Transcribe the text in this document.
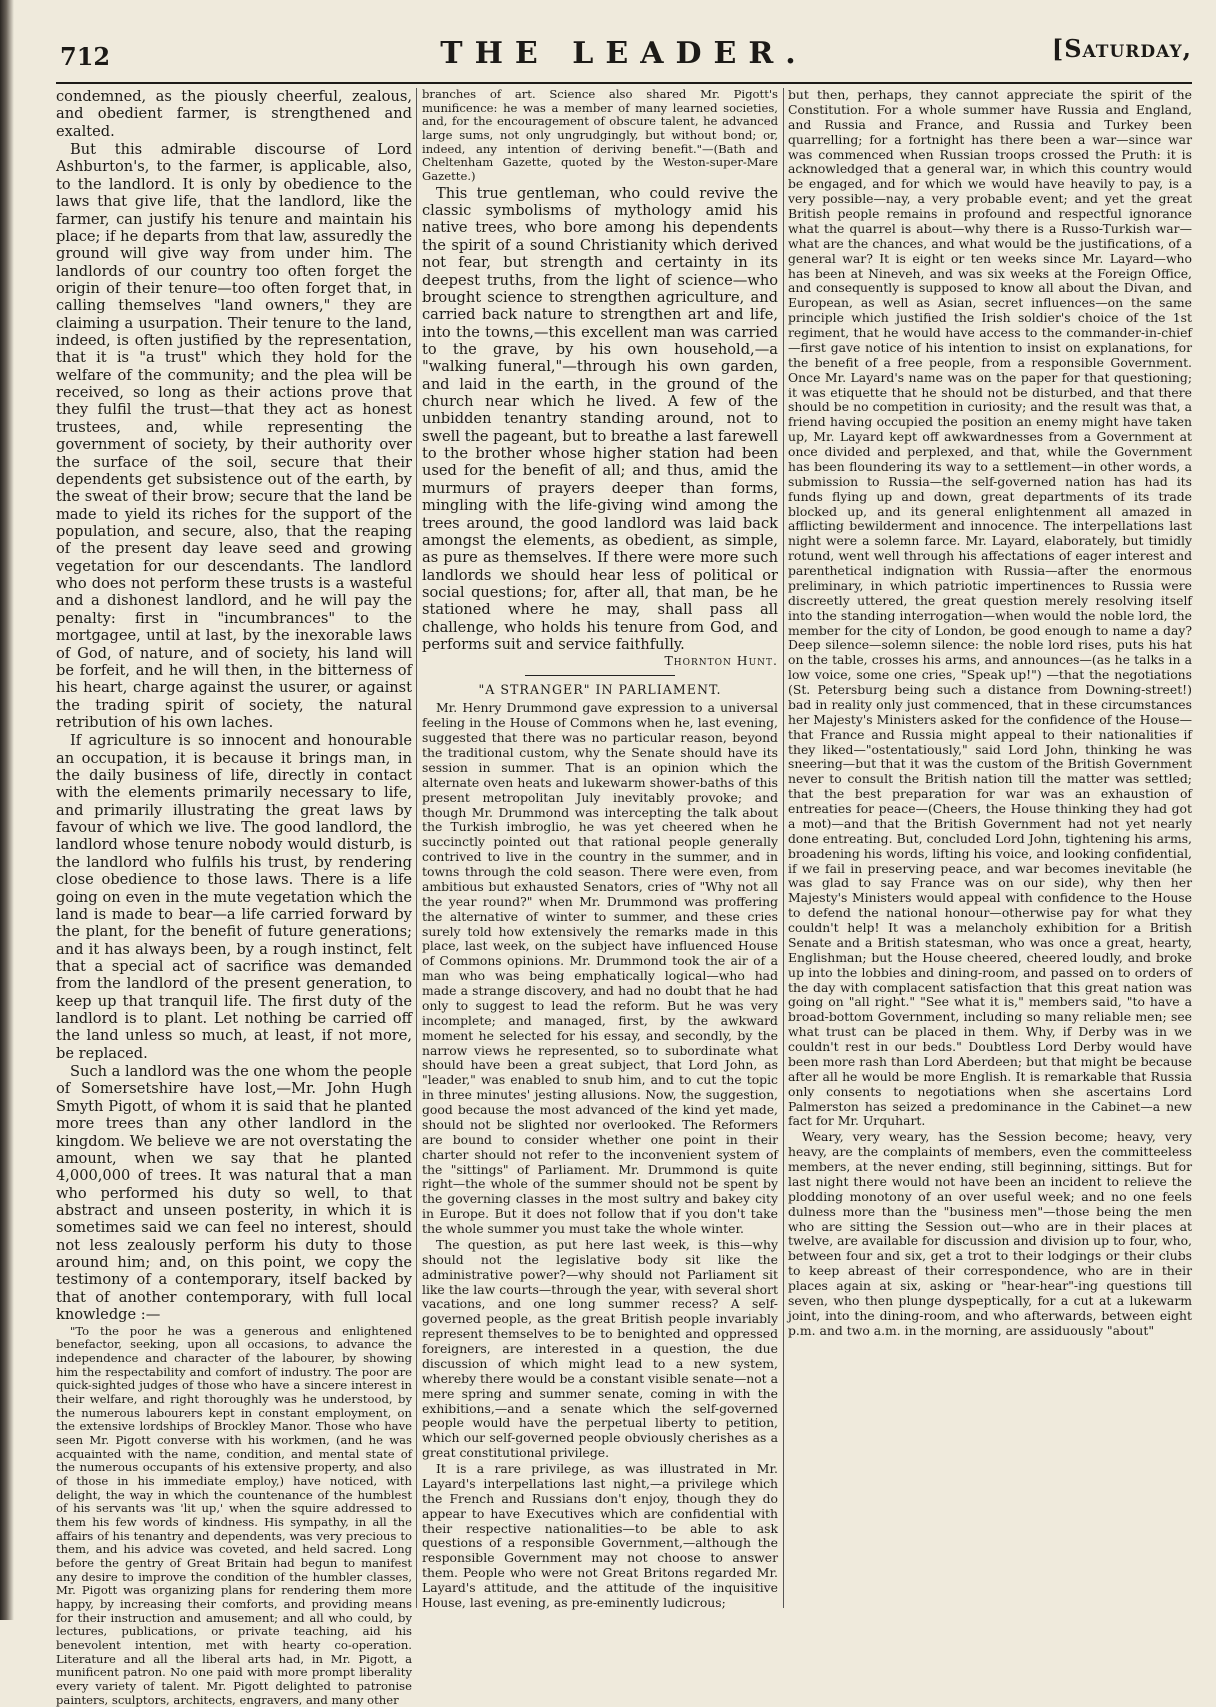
712	THE LEADER.	[Saturday,

condemned, as the piously cheerful, zealous, and obedient farmer, is strengthened and exalted.

But this admirable discourse of Lord Ashburton's, to the farmer, is applicable, also, to the landlord. It is only by obedience to the laws that give life, that the landlord, like the farmer, can justify his tenure and maintain his place; if he departs from that law, assuredly the ground will give way from under him. The landlords of our country too often forget the origin of their tenure—too often forget that, in calling themselves "land owners," they are claiming a usurpation. Their tenure to the land, indeed, is often justified by the representation, that it is "a trust" which they hold for the welfare of the community; and the plea will be received, so long as their actions prove that they fulfil the trust—that they act as honest trustees, and, while representing the government of society, by their authority over the surface of the soil, secure that their dependents get subsistence out of the earth, by the sweat of their brow; secure that the land be made to yield its riches for the support of the population, and secure, also, that the reaping of the present day leave seed and growing vegetation for our descendants. The landlord who does not perform these trusts is a wasteful and a dishonest landlord, and he will pay the penalty: first in "incumbrances" to the mortgagee, until at last, by the inexorable laws of God, of nature, and of society, his land will be forfeit, and he will then, in the bitterness of his heart, charge against the usurer, or against the trading spirit of society, the natural retribution of his own laches.

If agriculture is so innocent and honourable an occupation, it is because it brings man, in the daily business of life, directly in contact with the elements primarily necessary to life, and primarily illustrating the great laws by favour of which we live. The good landlord, the landlord whose tenure nobody would disturb, is the landlord who fulfils his trust, by rendering close obedience to those laws. There is a life going on even in the mute vegetation which the land is made to bear—a life carried forward by the plant, for the benefit of future generations; and it has always been, by a rough instinct, felt that a special act of sacrifice was demanded from the landlord of the present generation, to keep up that tranquil life. The first duty of the landlord is to plant. Let nothing be carried off the land unless so much, at least, if not more, be replaced.

Such a landlord was the one whom the people of Somersetshire have lost,—Mr. John Hugh Smyth Pigott, of whom it is said that he planted more trees than any other landlord in the kingdom. We believe we are not overstating the amount, when we say that he planted 4,000,000 of trees. It was natural that a man who performed his duty so well, to that abstract and unseen posterity, in which it is sometimes said we can feel no interest, should not less zealously perform his duty to those around him; and, on this point, we copy the testimony of a contemporary, itself backed by that of another contemporary, with full local knowledge :—

"To the poor he was a generous and enlightened benefactor, seeking, upon all occasions, to advance the independence and character of the labourer, by showing him the respectability and comfort of industry. The poor are quick-sighted judges of those who have a sincere interest in their welfare, and right thoroughly was he understood, by the numerous labourers kept in constant employment, on the extensive lordships of Brockley Manor. Those who have seen Mr. Pigott converse with his workmen, (and he was acquainted with the name, condition, and mental state of the numerous occupants of his extensive property, and also of those in his immediate employ,) have noticed, with delight, the way in which the countenance of the humblest of his servants was 'lit up,' when the squire addressed to them his few words of kindness. His sympathy, in all the affairs of his tenantry and dependents, was very precious to them, and his advice was coveted, and held sacred. Long before the gentry of Great Britain had begun to manifest any desire to improve the condition of the humbler classes, Mr. Pigott was organizing plans for rendering them more happy, by increasing their comforts, and providing means for their instruction and amusement; and all who could, by lectures, publications, or private teaching, aid his benevolent intention, met with hearty co-operation. Literature and all the liberal arts had, in Mr. Pigott, a munificent patron. No one paid with more prompt liberality every variety of talent. Mr. Pigott delighted to patronise painters, sculptors, architects, engravers, and many other

branches of art. Science also shared Mr. Pigott's munificence: he was a member of many learned societies, and, for the encouragement of obscure talent, he advanced large sums, not only ungrudgingly, but without bond; or, indeed, any intention of deriving benefit."—(Bath and Cheltenham Gazette, quoted by the Weston-super-Mare Gazette.)

This true gentleman, who could revive the classic symbolisms of mythology amid his native trees, who bore among his dependents the spirit of a sound Christianity which derived not fear, but strength and certainty in its deepest truths, from the light of science—who brought science to strengthen agriculture, and carried back nature to strengthen art and life, into the towns,—this excellent man was carried to the grave, by his own household,—a "walking funeral,"—through his own garden, and laid in the earth, in the ground of the church near which he lived. A few of the unbidden tenantry standing around, not to swell the pageant, but to breathe a last farewell to the brother whose higher station had been used for the benefit of all; and thus, amid the murmurs of prayers deeper than forms, mingling with the life-giving wind among the trees around, the good landlord was laid back amongst the elements, as obedient, as simple, as pure as themselves. If there were more such landlords we should hear less of political or social questions; for, after all, that man, be he stationed where he may, shall pass all challenge, who holds his tenure from God, and performs suit and service faithfully.

Thornton Hunt.
"A STRANGER" IN PARLIAMENT.

Mr. Henry Drummond gave expression to a universal feeling in the House of Commons when he, last evening, suggested that there was no particular reason, beyond the traditional custom, why the Senate should have its session in summer. That is an opinion which the alternate oven heats and lukewarm shower-baths of this present metropolitan July inevitably provoke; and though Mr. Drummond was intercepting the talk about the Turkish imbroglio, he was yet cheered when he succinctly pointed out that rational people generally contrived to live in the country in the summer, and in towns through the cold season. There were even, from ambitious but exhausted Senators, cries of "Why not all the year round?" when Mr. Drummond was proffering the alternative of winter to summer, and these cries surely told how extensively the remarks made in this place, last week, on the subject have influenced House of Commons opinions. Mr. Drummond took the air of a man who was being emphatically logical—who had made a strange discovery, and had no doubt that he had only to suggest to lead the reform. But he was very incomplete; and managed, first, by the awkward moment he selected for his essay, and secondly, by the narrow views he represented, so to subordinate what should have been a great subject, that Lord John, as "leader," was enabled to snub him, and to cut the topic in three minutes' jesting allusions. Now, the suggestion, good because the most advanced of the kind yet made, should not be slighted nor overlooked. The Reformers are bound to consider whether one point in their charter should not refer to the inconvenient system of the "sittings" of Parliament. Mr. Drummond is quite right—the whole of the summer should not be spent by the governing classes in the most sultry and bakey city in Europe. But it does not follow that if you don't take the whole summer you must take the whole winter.

The question, as put here last week, is this—why should not the legislative body sit like the administrative power?—why should not Parliament sit like the law courts—through the year, with several short vacations, and one long summer recess? A self-governed people, as the great British people invariably represent themselves to be to benighted and oppressed foreigners, are interested in a question, the due discussion of which might lead to a new system, whereby there would be a constant visible senate—not a mere spring and summer senate, coming in with the exhibitions,—and a senate which the self-governed people would have the perpetual liberty to petition, which our self-governed people obviously cherishes as a great constitutional privilege.

It is a rare privilege, as was illustrated in Mr. Layard's interpellations last night,—a privilege which the French and Russians don't enjoy, though they do appear to have Executives which are confidential with their respective nationalities—to be able to ask questions of a responsible Government,—although the responsible Government may not choose to answer them. People who were not Great Britons regarded Mr. Layard's attitude, and the attitude of the inquisitive House, last evening, as pre-eminently ludicrous;

but then, perhaps, they cannot appreciate the spirit of the Constitution. For a whole summer have Russia and England, and Russia and France, and Russia and Turkey been quarrelling; for a fortnight has there been a war—since war was commenced when Russian troops crossed the Pruth: it is acknowledged that a general war, in which this country would be engaged, and for which we would have heavily to pay, is a very possible—nay, a very probable event; and yet the great British people remains in profound and respectful ignorance what the quarrel is about—why there is a Russo-Turkish war—what are the chances, and what would be the justifications, of a general war? It is eight or ten weeks since Mr. Layard—who has been at Nineveh, and was six weeks at the Foreign Office, and consequently is supposed to know all about the Divan, and European, as well as Asian, secret influences—on the same principle which justified the Irish soldier's choice of the 1st regiment, that he would have access to the commander-in-chief—first gave notice of his intention to insist on explanations, for the benefit of a free people, from a responsible Government. Once Mr. Layard's name was on the paper for that questioning; it was etiquette that he should not be disturbed, and that there should be no competition in curiosity; and the result was that, a friend having occupied the position an enemy might have taken up, Mr. Layard kept off awkwardnesses from a Government at once divided and perplexed, and that, while the Government has been floundering its way to a settlement—in other words, a submission to Russia—the self-governed nation has had its funds flying up and down, great departments of its trade blocked up, and its general enlightenment all amazed in afflicting bewilderment and innocence. The interpellations last night were a solemn farce. Mr. Layard, elaborately, but timidly rotund, went well through his affectations of eager interest and parenthetical indignation with Russia—after the enormous preliminary, in which patriotic impertinences to Russia were discreetly uttered, the great question merely resolving itself into the standing interrogation—when would the noble lord, the member for the city of London, be good enough to name a day? Deep silence—solemn silence: the noble lord rises, puts his hat on the table, crosses his arms, and announces—(as he talks in a low voice, some one cries, "Speak up!") —that the negotiations (St. Petersburg being such a distance from Downing-street!) bad in reality only just commenced, that in these circumstances her Majesty's Ministers asked for the confidence of the House—that France and Russia might appeal to their nationalities if they liked—"ostentatiously," said Lord John, thinking he was sneering—but that it was the custom of the British Government never to consult the British nation till the matter was settled; that the best preparation for war was an exhaustion of entreaties for peace—(Cheers, the House thinking they had got a mot)—and that the British Government had not yet nearly done entreating. But, concluded Lord John, tightening his arms, broadening his words, lifting his voice, and looking confidential, if we fail in preserving peace, and war becomes inevitable (he was glad to say France was on our side), why then her Majesty's Ministers would appeal with confidence to the House to defend the national honour—otherwise pay for what they couldn't help! It was a melancholy exhibition for a British Senate and a British statesman, who was once a great, hearty, Englishman; but the House cheered, cheered loudly, and broke up into the lobbies and dining-room, and passed on to orders of the day with complacent satisfaction that this great nation was going on "all right." "See what it is," members said, "to have a broad-bottom Government, including so many reliable men; see what trust can be placed in them. Why, if Derby was in we couldn't rest in our beds." Doubtless Lord Derby would have been more rash than Lord Aberdeen; but that might be because after all he would be more English. It is remarkable that Russia only consents to negotiations when she ascertains Lord Palmerston has seized a predominance in the Cabinet—a new fact for Mr. Urquhart.

Weary, very weary, has the Session become; heavy, very heavy, are the complaints of members, even the committeeless members, at the never ending, still beginning, sittings. But for last night there would not have been an incident to relieve the plodding monotony of an over useful week; and no one feels dulness more than the "business men"—those being the men who are sitting the Session out—who are in their places at twelve, are available for discussion and division up to four, who, between four and six, get a trot to their lodgings or their clubs to keep abreast of their correspondence, who are in their places again at six, asking or "hear-hear"-ing questions till seven, who then plunge dyspeptically, for a cut at a lukewarm joint, into the dining-room, and who afterwards, between eight p.m. and two a.m. in the morning, are assiduously "about"
